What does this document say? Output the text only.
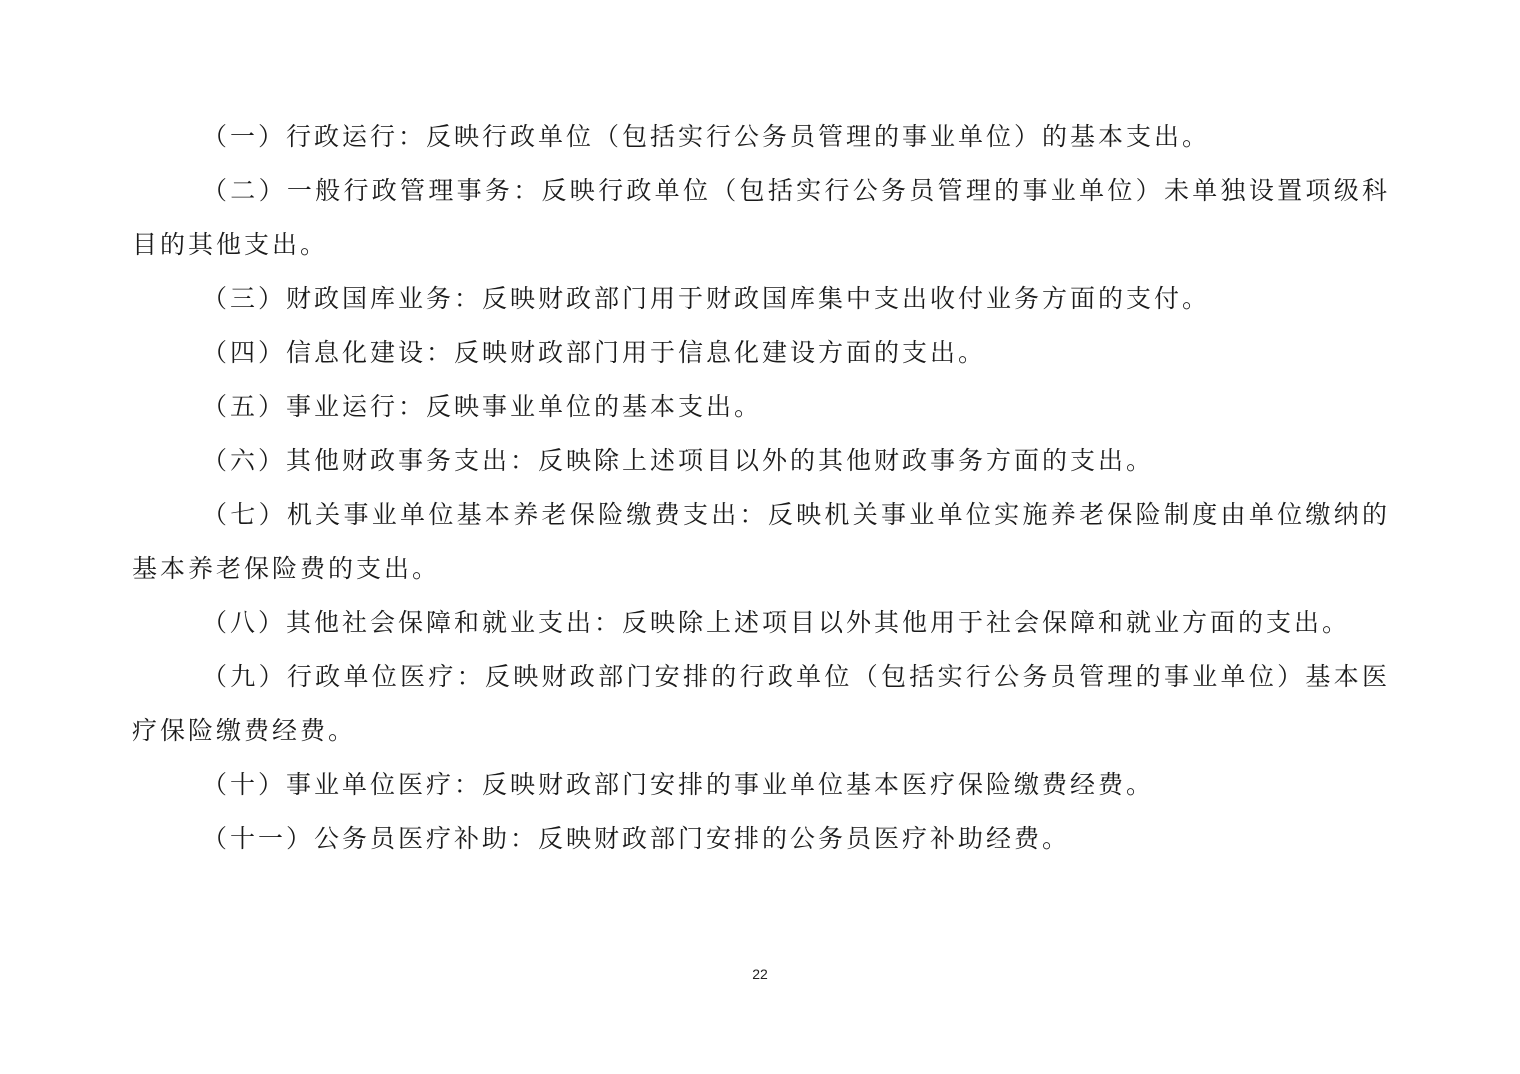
（一）行政运行：反映行政单位（包括实行公务员管理的事业单位）的基本支出。

（二）一般行政管理事务：反映行政单位（包括实行公务员管理的事业单位）未单独设置项级科目的其他支出。

（三）财政国库业务：反映财政部门用于财政国库集中支出收付业务方面的支付。

（四）信息化建设：反映财政部门用于信息化建设方面的支出。

（五）事业运行：反映事业单位的基本支出。

（六）其他财政事务支出：反映除上述项目以外的其他财政事务方面的支出。

（七）机关事业单位基本养老保险缴费支出：反映机关事业单位实施养老保险制度由单位缴纳的基本养老保险费的支出。

（八）其他社会保障和就业支出：反映除上述项目以外其他用于社会保障和就业方面的支出。

（九）行政单位医疗：反映财政部门安排的行政单位（包括实行公务员管理的事业单位）基本医疗保险缴费经费。

（十）事业单位医疗：反映财政部门安排的事业单位基本医疗保险缴费经费。

（十一）公务员医疗补助：反映财政部门安排的公务员医疗补助经费。

22
